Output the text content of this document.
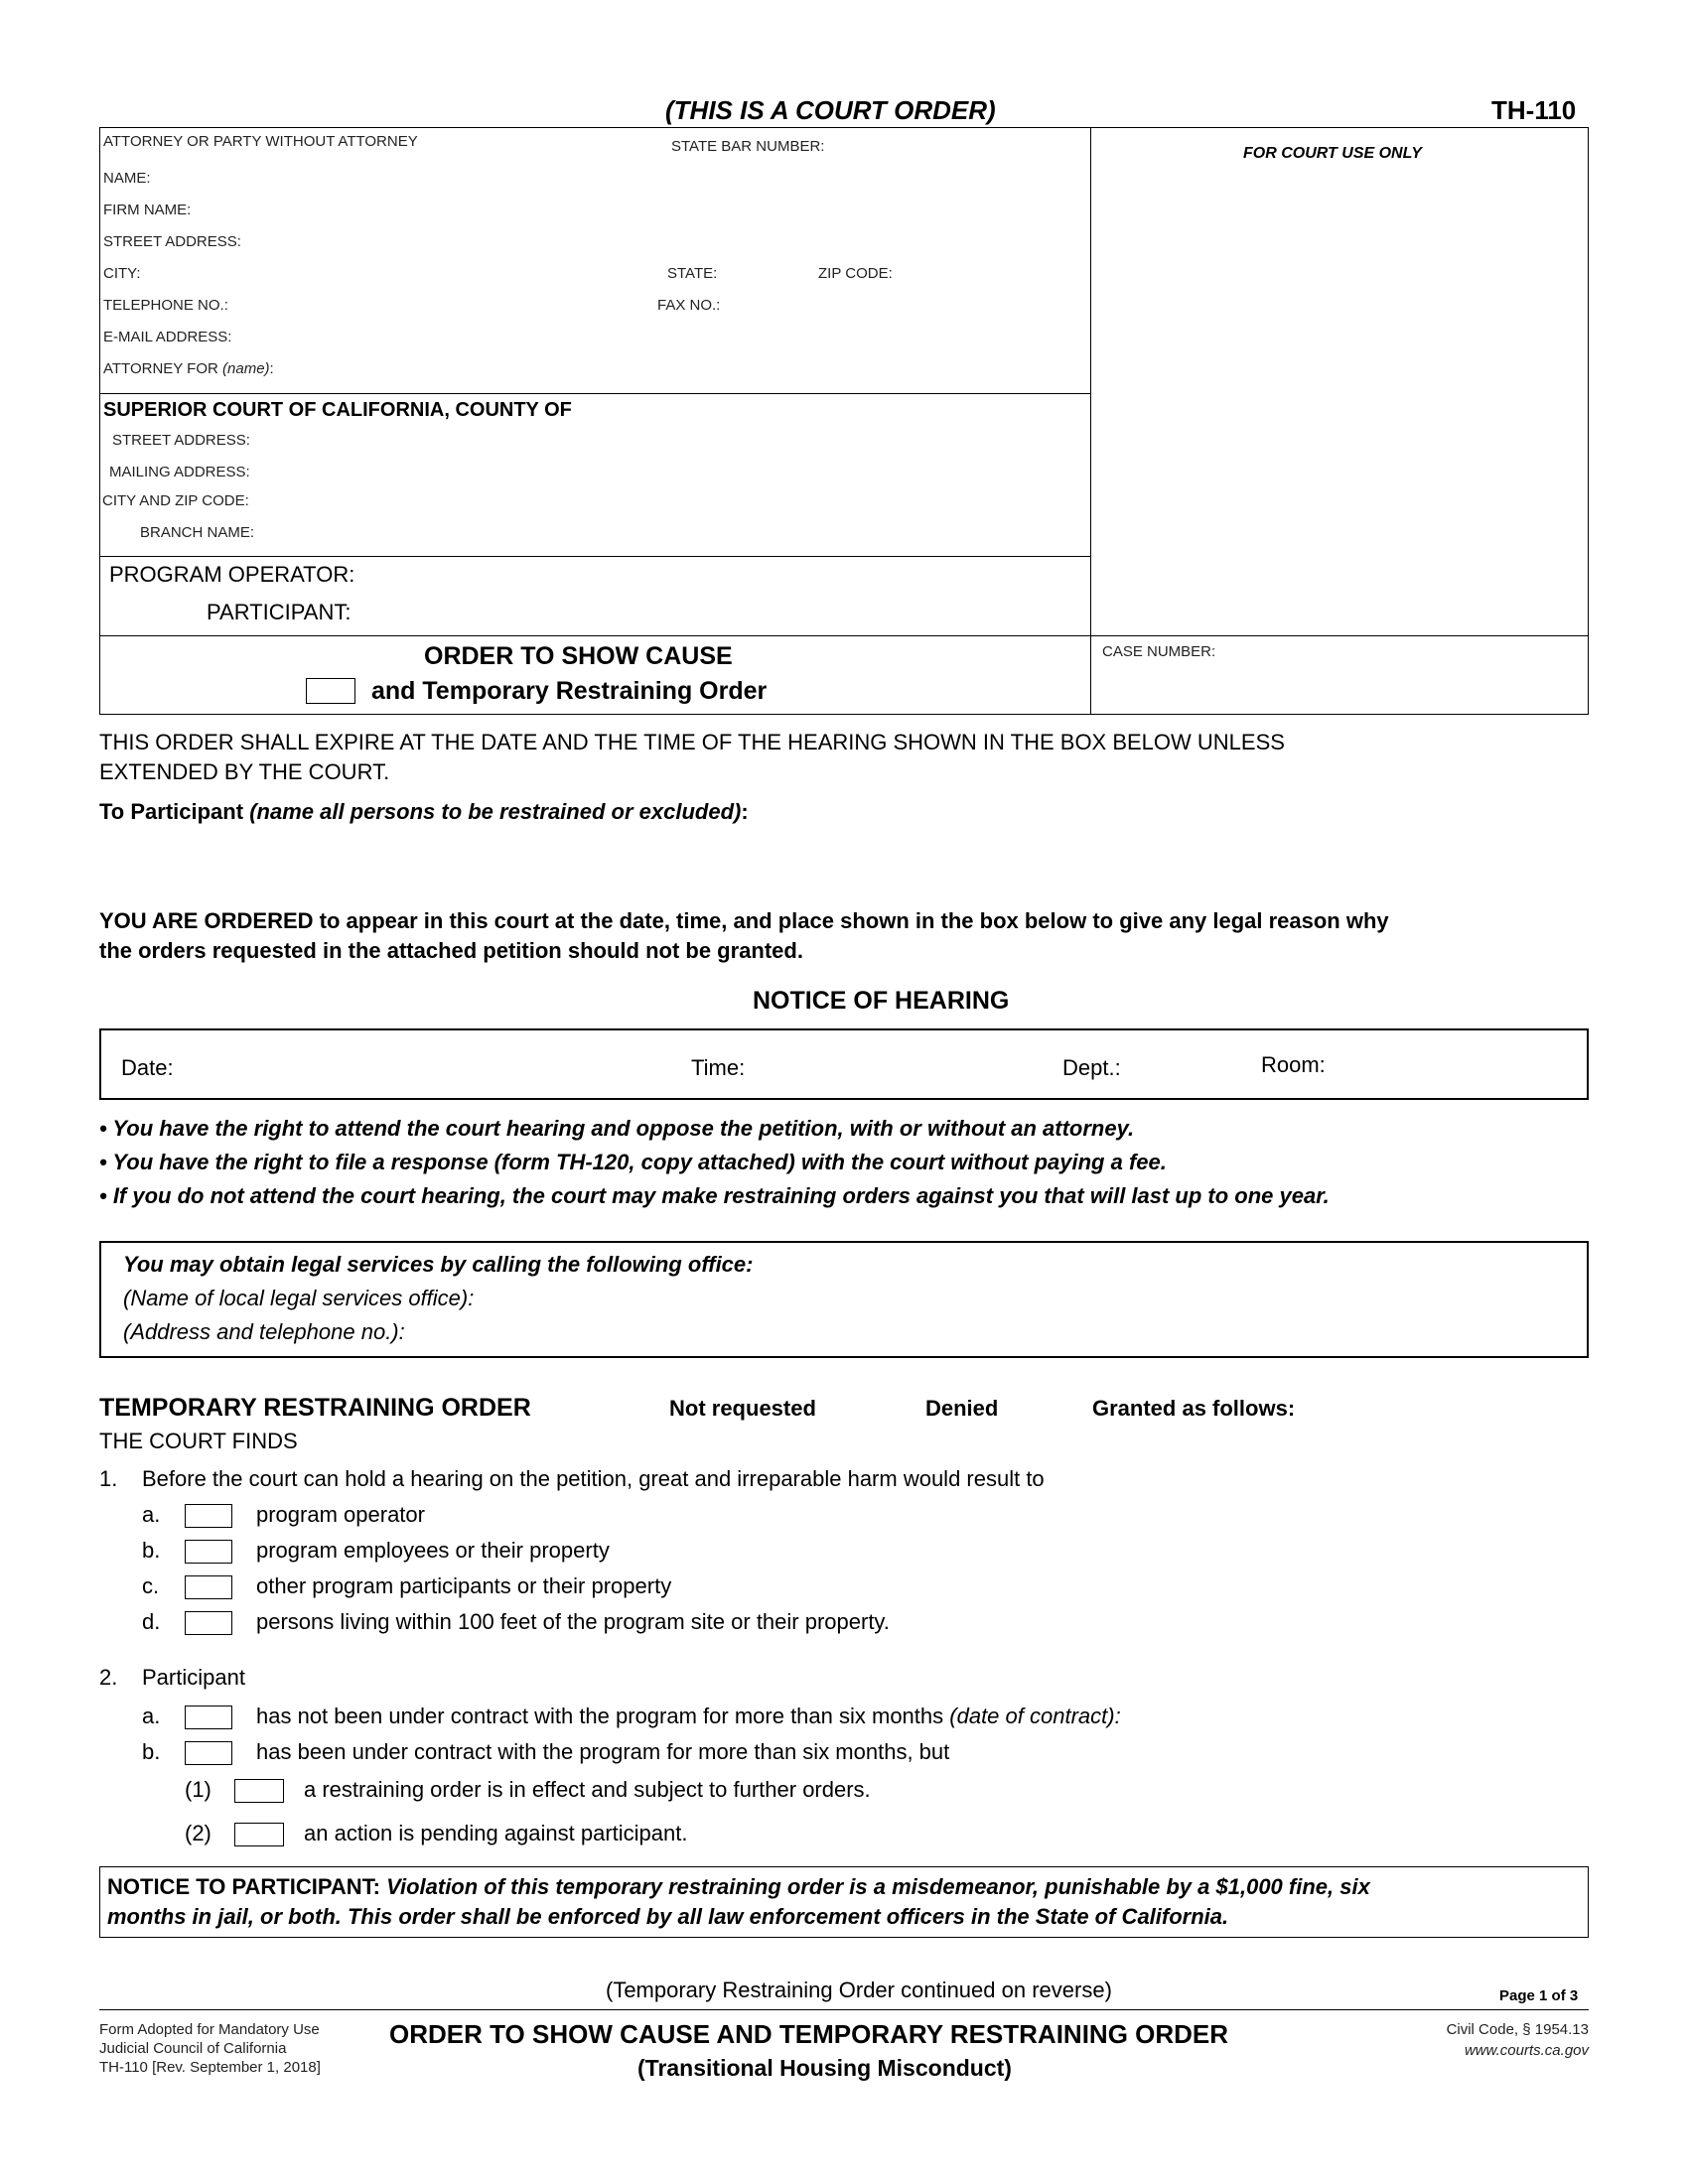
(THIS IS A COURT ORDER)	TH-110
FOR COURT USE ONLY
ATTORNEY OR PARTY WITHOUT ATTORNEY	STATE BAR NUMBER:
NAME:
FIRM NAME:
STREET ADDRESS:
CITY:	STATE:	ZIP CODE:
TELEPHONE NO.:	FAX NO.:
E-MAIL ADDRESS:
ATTORNEY FOR (name):
SUPERIOR COURT OF CALIFORNIA, COUNTY OF
STREET ADDRESS:
MAILING ADDRESS:
CITY AND ZIP CODE:
BRANCH NAME:
PROGRAM OPERATOR:
PARTICIPANT:
ORDER TO SHOW CAUSE
and Temporary Restraining Order
CASE NUMBER:
THIS ORDER SHALL EXPIRE AT THE DATE AND THE TIME OF THE HEARING SHOWN IN THE BOX BELOW UNLESS
EXTENDED BY THE COURT.
To Participant (name all persons to be restrained or excluded):
YOU ARE ORDERED to appear in this court at the date, time, and place shown in the box below to give any legal reason why
the orders requested in the attached petition should not be granted.
NOTICE OF HEARING
Date:	Time:	Dept.:	Room:
• You have the right to attend the court hearing and oppose the petition, with or without an attorney.
• You have the right to file a response (form TH-120, copy attached) with the court without paying a fee.
• If you do not attend the court hearing, the court may make restraining orders against you that will last up to one year.
You may obtain legal services by calling the following office:
(Name of local legal services office):
(Address and telephone no.):
TEMPORARY RESTRAINING ORDER	Not requested	Denied	Granted as follows:
THE COURT FINDS
1. Before the court can hold a hearing on the petition, great and irreparable harm would result to
a.	program operator
b.	program employees or their property
c.	other program participants or their property
d.	persons living within 100 feet of the program site or their property.
2. Participant
a.	has not been under contract with the program for more than six months (date of contract):
b.	has been under contract with the program for more than six months, but
(1)	a restraining order is in effect and subject to further orders.
(2)	an action is pending against participant.
NOTICE TO PARTICIPANT: Violation of this temporary restraining order is a misdemeanor, punishable by a $1,000 fine, six
months in jail, or both. This order shall be enforced by all law enforcement officers in the State of California.
(Temporary Restraining Order continued on reverse)	Page 1 of 3
Form Adopted for Mandatory Use
Judicial Council of California
TH-110 [Rev. September 1, 2018]
ORDER TO SHOW CAUSE AND TEMPORARY RESTRAINING ORDER
(Transitional Housing Misconduct)
Civil Code, § 1954.13
www.courts.ca.gov
